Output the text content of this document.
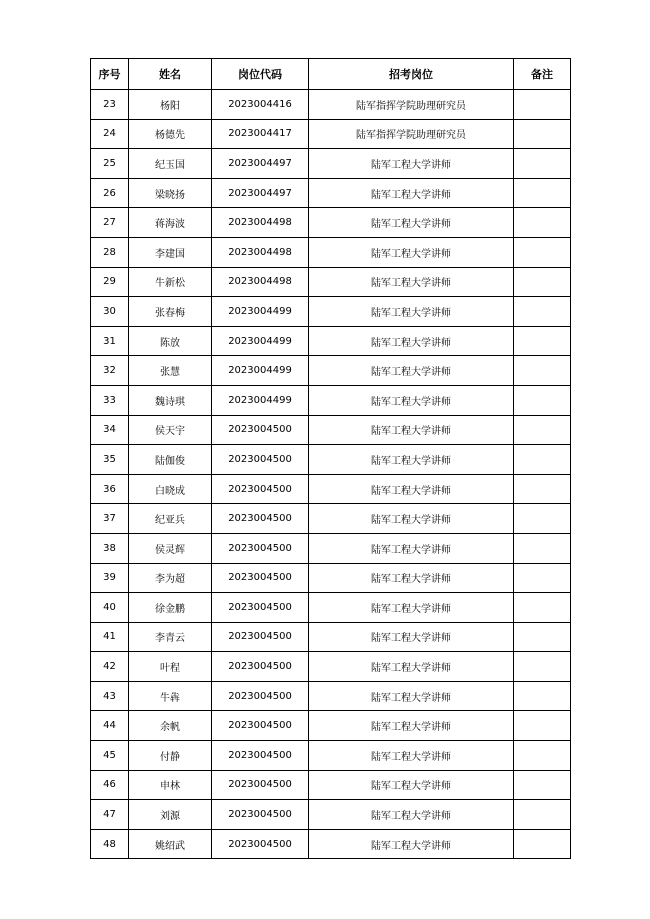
序号	姓名	岗位代码	招考岗位	备注
23	杨阳	2023004416	陆军指挥学院助理研究员	
24	杨德先	2023004417	陆军指挥学院助理研究员	
25	纪玉国	2023004497	陆军工程大学讲师	
26	梁晓扬	2023004497	陆军工程大学讲师	
27	蒋海波	2023004498	陆军工程大学讲师	
28	李建国	2023004498	陆军工程大学讲师	
29	牛新松	2023004498	陆军工程大学讲师	
30	张春梅	2023004499	陆军工程大学讲师	
31	陈放	2023004499	陆军工程大学讲师	
32	张慧	2023004499	陆军工程大学讲师	
33	魏诗琪	2023004499	陆军工程大学讲师	
34	侯天宇	2023004500	陆军工程大学讲师	
35	陆伽俊	2023004500	陆军工程大学讲师	
36	白晓成	2023004500	陆军工程大学讲师	
37	纪亚兵	2023004500	陆军工程大学讲师	
38	侯灵辉	2023004500	陆军工程大学讲师	
39	李为超	2023004500	陆军工程大学讲师	
40	徐金鹏	2023004500	陆军工程大学讲师	
41	李青云	2023004500	陆军工程大学讲师	
42	叶程	2023004500	陆军工程大学讲师	
43	牛犇	2023004500	陆军工程大学讲师	
44	余帆	2023004500	陆军工程大学讲师	
45	付静	2023004500	陆军工程大学讲师	
46	申林	2023004500	陆军工程大学讲师	
47	刘源	2023004500	陆军工程大学讲师	
48	姚绍武	2023004500	陆军工程大学讲师	
